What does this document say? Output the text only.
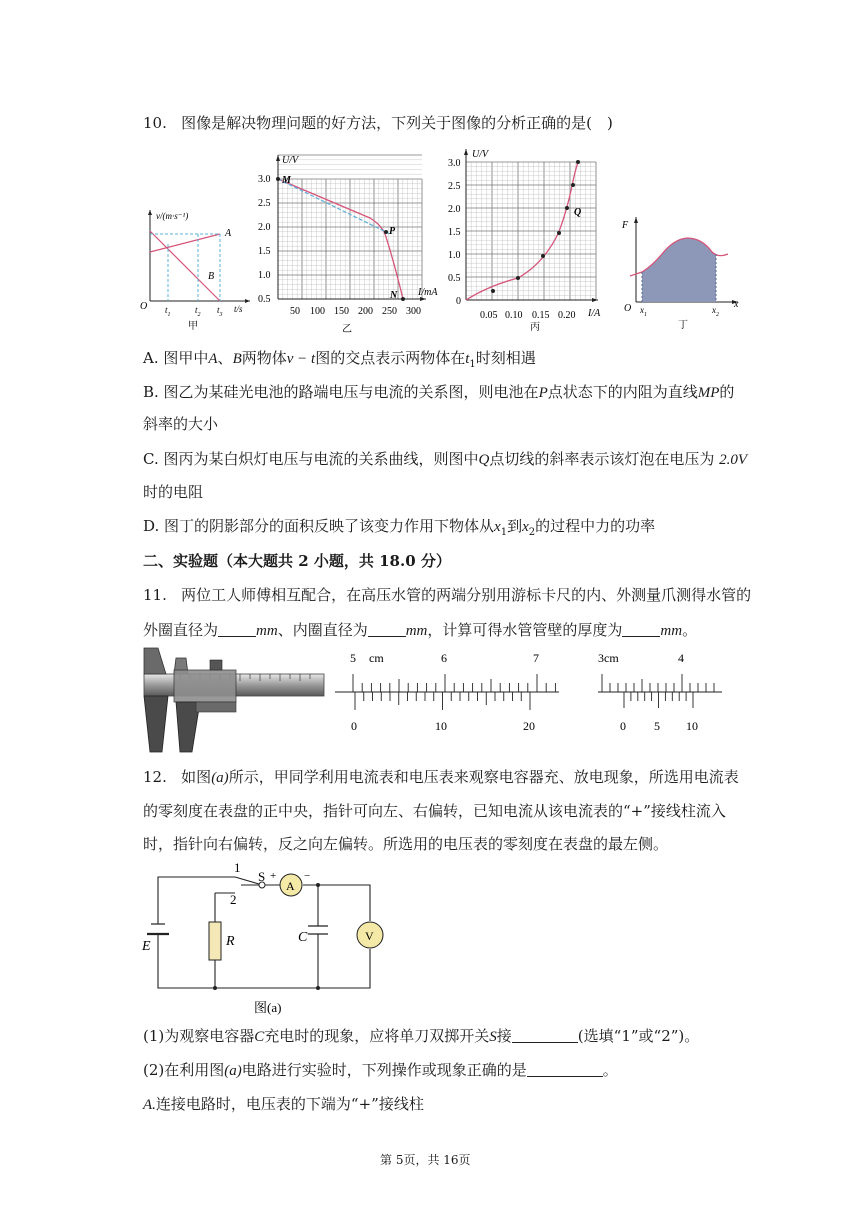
10. 图像是解决物理问题的好方法，下列关于图像的分析正确的是(　)
v/(m·s⁻¹)
A
B
O $t_1$	$t_2$ $t_3$
t/s
甲
U/V
3.0
2.5
2.0
1.5
1.0
0.5
50 100 150 200 250 300
I/mA
M
P
N
乙
U/V
3.0
2.5
2.0
1.5
1.0
0.5
0
0.05 0.10 0.15 0.20 I/A
Q
丙
F
x
O $x_1$	$x_2$
丁
A. 图甲中A、B两物体v − t图的交点表示两物体在$t_1$时刻相遇
B. 图乙为某硅光电池的路端电压与电流的关系图，则电池在P点状态下的内阻为直线MP的
斜率的大小
C. 图丙为某白炽灯电压与电流的关系曲线，则图中Q点切线的斜率表示该灯泡在电压为 2.0V
时的电阻
D. 图丁的阴影部分的面积反映了该变力作用下物体从$x_1$到$x_2$的过程中力的功率
二、实验题（本大题共 2 小题，共 18.0 分）
11. 两位工人师傅相互配合，在高压水管的两端分别用游标卡尺的内、外测量爪测得水管的
外圈直径为	mm、内圈直径为	mm，计算可得水管管壁的厚度为	mm。
5 cm	6	7
0	10	20
3cm	4
0 5 10
12. 如图(a)所示，甲同学利用电流表和电压表来观察电容器充、放电现象，所选用电流表
的零刻度在表盘的正中央，指针可向左、右偏转，已知电流从该电流表的“+”接线柱流入
时，指针向右偏转，反之向左偏转。所选用的电压表的零刻度在表盘的最左侧。
1
2
S +	−
A
V
E	R	C
图(a)
(1)为观察电容器C充电时的现象，应将单刀双掷开关S接	(选填“1”或“2”)。
(2)在利用图(a)电路进行实验时，下列操作或现象正确的是	。
A.连接电路时，电压表的下端为“+”接线柱
第 5页，共 16页
